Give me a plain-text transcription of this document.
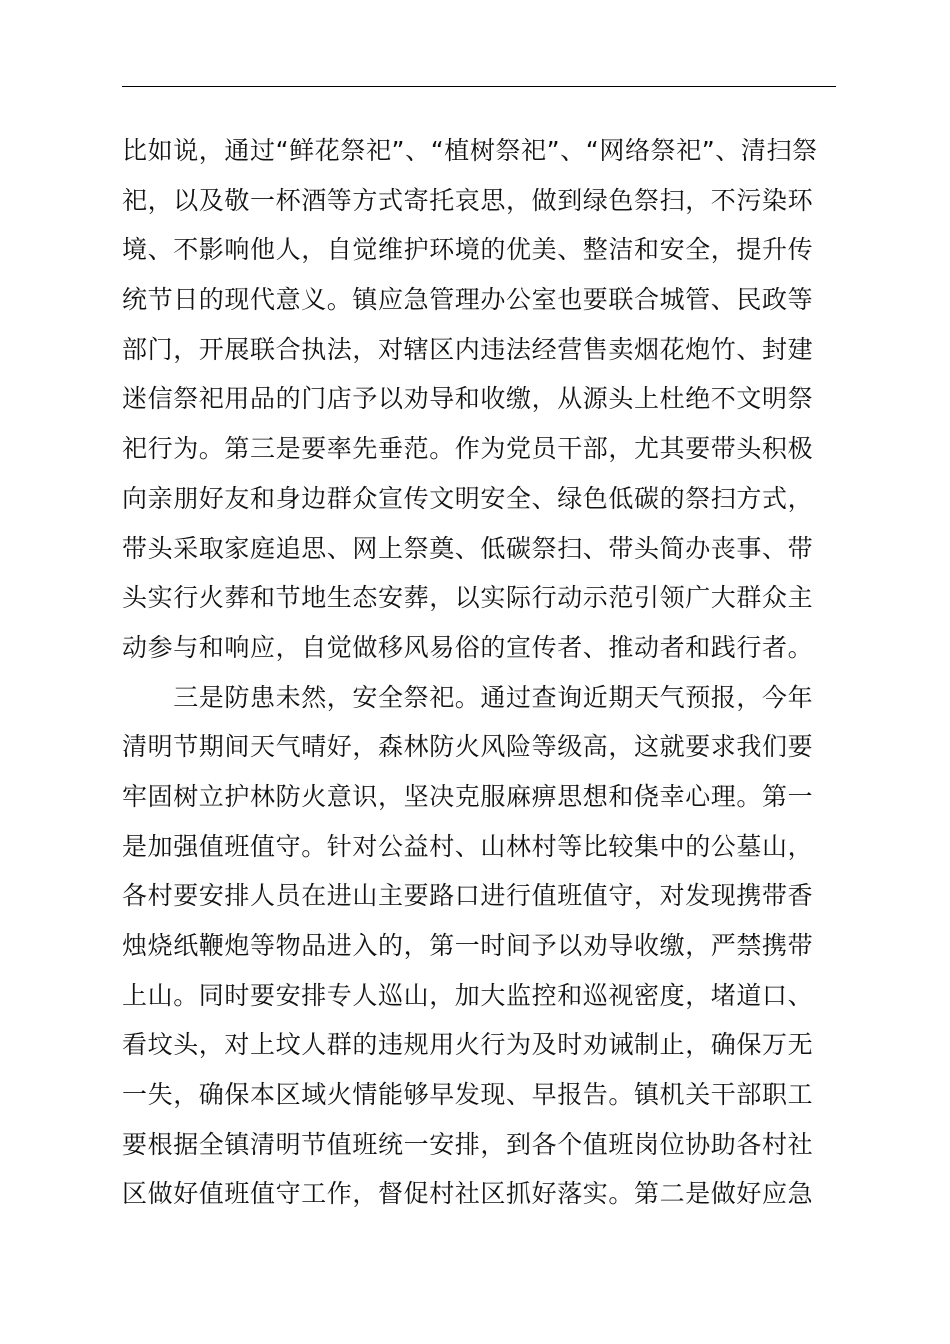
比如说，通过“鲜花祭祀”、“植树祭祀”、“网络祭祀”、清扫祭
祀，以及敬一杯酒等方式寄托哀思，做到绿色祭扫，不污染环
境、不影响他人，自觉维护环境的优美、整洁和安全，提升传
统节日的现代意义。镇应急管理办公室也要联合城管、民政等
部门，开展联合执法，对辖区内违法经营售卖烟花炮竹、封建
迷信祭祀用品的门店予以劝导和收缴，从源头上杜绝不文明祭
祀行为。第三是要率先垂范。作为党员干部，尤其要带头积极
向亲朋好友和身边群众宣传文明安全、绿色低碳的祭扫方式，
带头采取家庭追思、网上祭奠、低碳祭扫、带头简办丧事、带
头实行火葬和节地生态安葬，以实际行动示范引领广大群众主
动参与和响应，自觉做移风易俗的宣传者、推动者和践行者。
　　三是防患未然，安全祭祀。通过查询近期天气预报，今年
清明节期间天气晴好，森林防火风险等级高，这就要求我们要
牢固树立护林防火意识，坚决克服麻痹思想和侥幸心理。第一
是加强值班值守。针对公益村、山林村等比较集中的公墓山，
各村要安排人员在进山主要路口进行值班值守，对发现携带香
烛烧纸鞭炮等物品进入的，第一时间予以劝导收缴，严禁携带
上山。同时要安排专人巡山，加大监控和巡视密度，堵道口、
看坟头，对上坟人群的违规用火行为及时劝诫制止，确保万无
一失，确保本区域火情能够早发现、早报告。镇机关干部职工
要根据全镇清明节值班统一安排，到各个值班岗位协助各村社
区做好值班值守工作，督促村社区抓好落实。第二是做好应急
